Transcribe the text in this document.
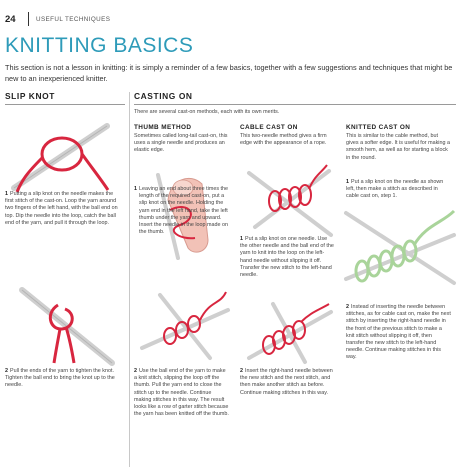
24	USEFUL TECHNIQUES
KNITTING BASICS

This section is not a lesson in knitting: it is simply a reminder of a few basics, together with a few suggestions and techniques that might be new to an inexperienced knitter.

SLIP KNOT	CASTING ON

There are several cast-on methods, each with its own merits.

1 Putting a slip knot on the needle makes the first stitch of the cast-on. Loop the yarn around two fingers of the left hand, with the ball end on top. Dip the needle into the loop, catch the ball end of the yarn, and pull it through the loop.
2 Pull the ends of the yarn to tighten the knot. Tighten the ball end to bring the knot up to the needle.
THUMB METHOD

Sometimes called long-tail cast-on, this uses a single needle and produces an elastic edge.

1 Leaving an end about three times the length of the required cast-on, put a slip knot on the needle. Holding the yarn end in the left hand, take the left thumb under the yarn and upward. Insert the needle in the loop made on the thumb.
2 Use the ball end of the yarn to make a knit stitch, slipping the loop off the thumb. Pull the yarn end to close the stitch up to the needle. Continue making stitches in this way. The result looks like a row of garter stitch because the yarn has been knitted off the thumb.
CABLE CAST ON

This two-needle method gives a firm edge with the appearance of a rope.

1 Put a slip knot on one needle. Use the other needle and the ball end of the yarn to knit into the loop on the left-hand needle without slipping it off. Transfer the new stitch to the left-hand needle.
2 Insert the right-hand needle between the new stitch and the next stitch, and then make another stitch as before. Continue making stitches in this way.
KNITTED CAST ON

This is similar to the cable method, but gives a softer edge. It is useful for making a smooth hem, as well as for starting a block in the round.

1 Put a slip knot on the needle as shown left, then make a stitch as described in cable cast on, step 1.
2 Instead of inserting the needle between stitches, as for cable cast on, make the next stitch by inserting the right-hand needle in the front of the previous stitch to make a knit stitch without slipping it off, then transfer the new stitch to the left-hand needle. Continue making stitches in this way.
